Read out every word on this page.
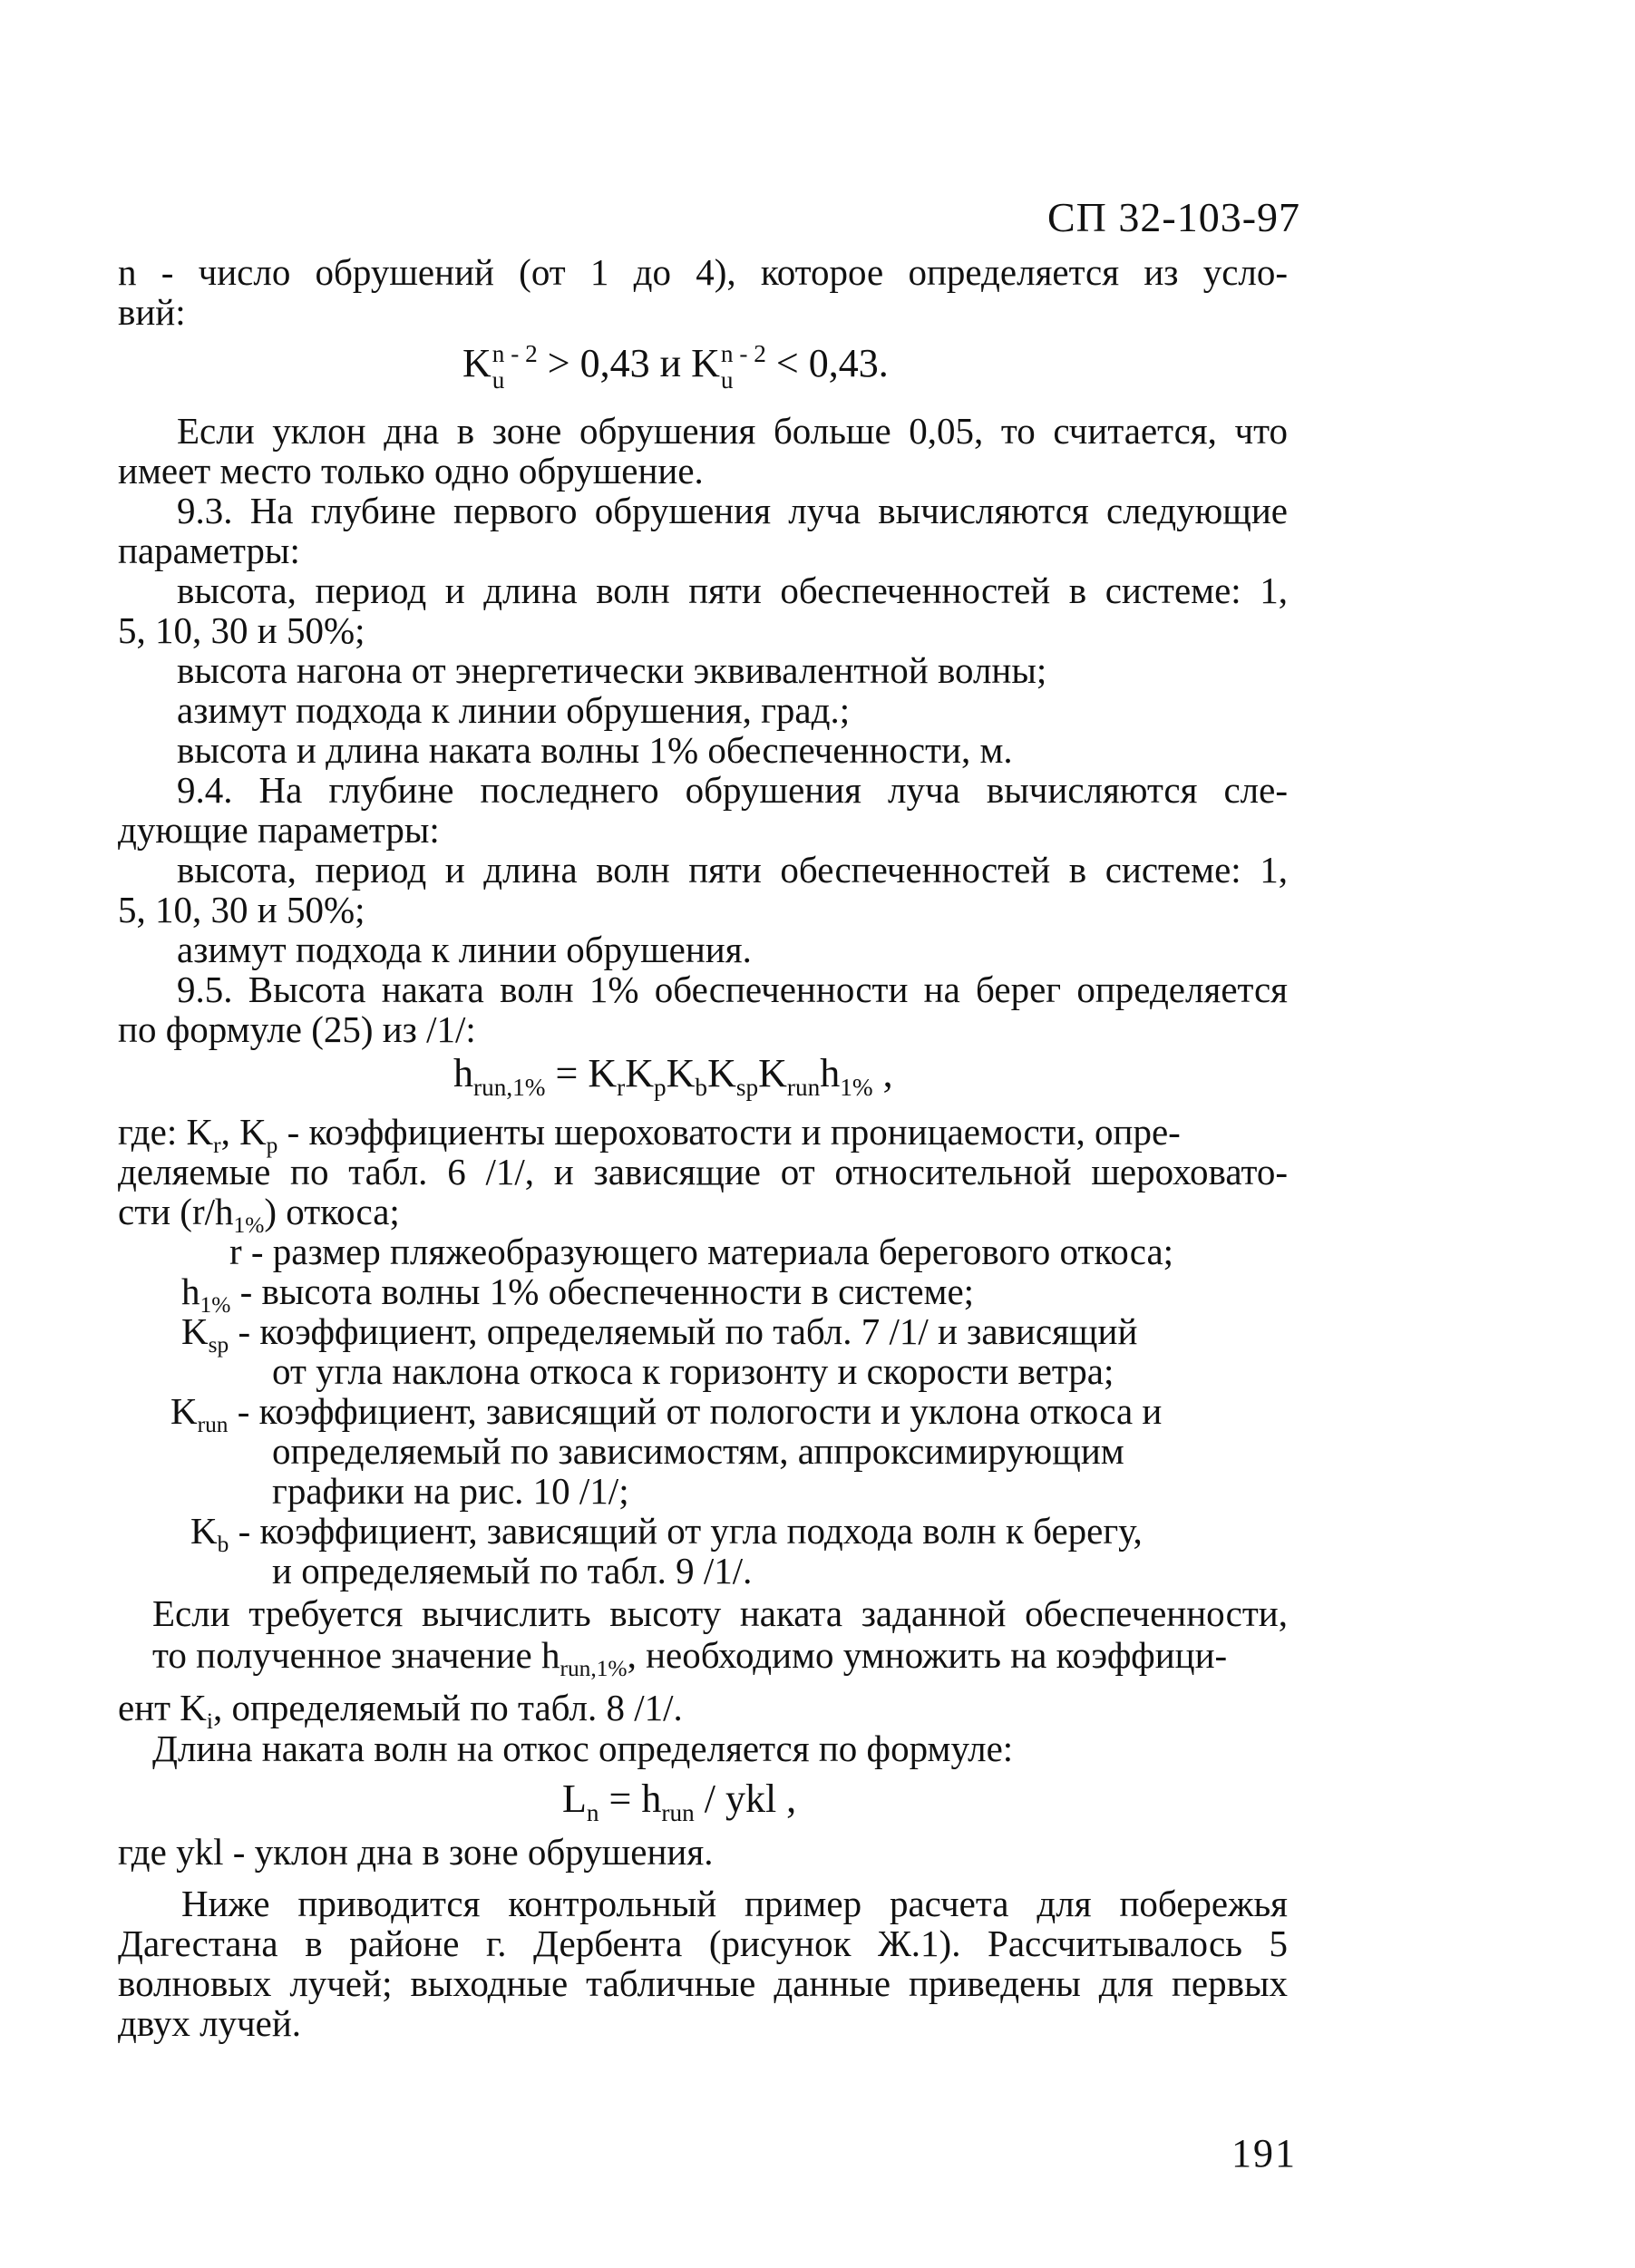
СП 32-103-97
n - число обрушений (от 1 до 4), которое определяется из усло-
вий:
K n - 2
u	> 0,43 и K n - 2
u	< 0,43.
Если уклон дна в зоне обрушения больше 0,05, то считается, что
имеет место только одно обрушение.
9.3. На глубине первого обрушения луча вычисляются следующие
параметры:
высота, период и длина волн пяти обеспеченностей в системе: 1,
5, 10, 30 и 50%;
высота нагона от энергетически эквивалентной волны;
азимут подхода к линии обрушения, град.;
высота и длина наката волны 1% обеспеченности, м.
9.4. На глубине последнего обрушения луча вычисляются сле-
дующие параметры:
высота, период и длина волн пяти обеспеченностей в системе: 1,
5, 10, 30 и 50%;
азимут подхода к линии обрушения.
9.5. Высота наката волн 1% обеспеченности на берег определяется
по формуле (25) из /1/:
$h_{run,1\%} = K_rK_pK_bK_{sp}K_{run}h_{1\%}$ ,
где: $K_r$, $K_p$ - коэффициенты шероховатости и проницаемости, опре-
деляемые по табл. 6 /1/, и зависящие от относительной шероховато-
сти $(r/h_{1\%})$ откоса;
r - размер пляжеобразующего материала берегового откоса;
$h_{1\%}$ - высота волны 1% обеспеченности в системе;
$K_{sp}$ - коэффициент, определяемый по табл. 7 /1/ и зависящий
от угла наклона откоса к горизонту и скорости ветра;
$K_{run}$ - коэффициент, зависящий от пологости и уклона откоса и
определяемый по зависимостям, аппроксимирующим
графики на рис. 10 /1/;
$K_b$ - коэффициент, зависящий от угла подхода волн к берегу,
и определяемый по табл. 9 /1/.
Если требуется вычислить высоту наката заданной обеспеченности,
то полученное значение $h_{run,1\%}$, необходимо умножить на коэффици-
ент $K_i$, определяемый по табл. 8 /1/.
Длина наката волн на откос определяется по формуле:
$L_n = h_{run}$ / ykl ,
где ykl - уклон дна в зоне обрушения.
Ниже приводится контрольный пример расчета для побережья
Дагестана в районе г. Дербента (рисунок Ж.1). Рассчитывалось 5
волновых лучей; выходные табличные данные приведены для первых
двух лучей.
191
